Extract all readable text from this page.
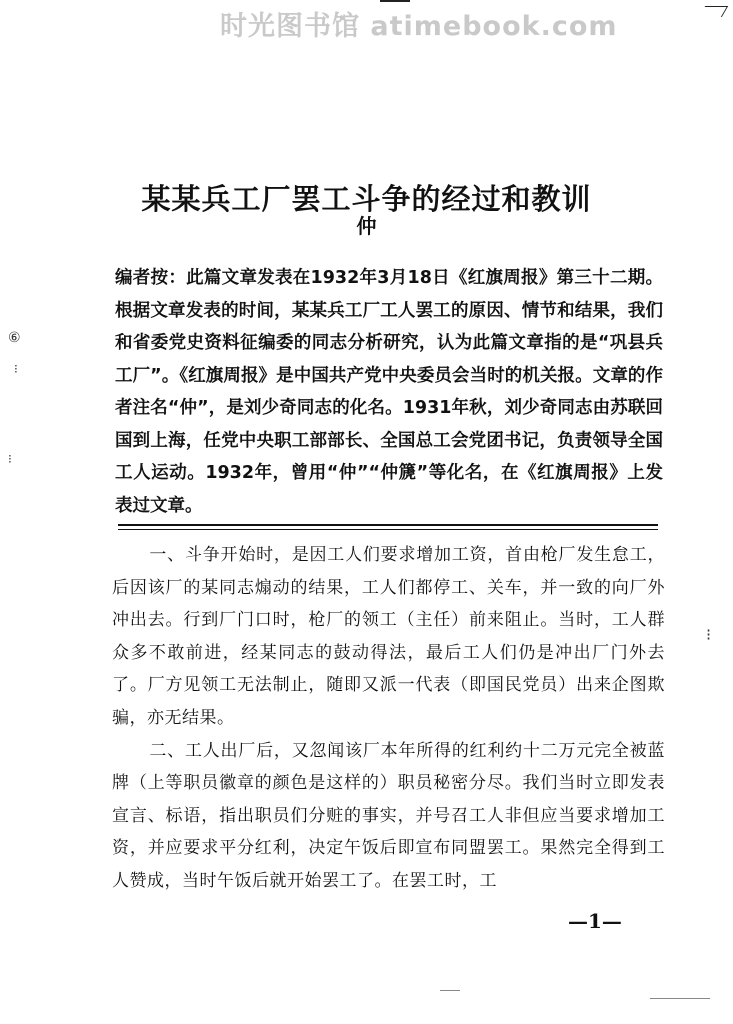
时光图书馆 atimebook.com
⑥
⁝
⁝
⁝
某某兵工厂罢工斗争的经过和教训
仲

编者按：此篇文章发表在1932年3月18日《红旗周报》第三十二期。根据文章发表的时间，某某兵工厂工人罢工的原因、情节和结果，我们和省委党史资料征编委的同志分析研究，认为此篇文章指的是“巩县兵工厂”。《红旗周报》是中国共产党中央委员会当时的机关报。文章的作者注名“仲”，是刘少奇同志的化名。1931年秋，刘少奇同志由苏联回国到上海，任党中央职工部部长、全国总工会党团书记，负责领导全国工人运动。1932年，曾用“仲”“仲篪”等化名，在《红旗周报》上发表过文章。

一、斗争开始时，是因工人们要求增加工资，首由枪厂发生怠工，后因该厂的某同志煽动的结果，工人们都停工、关车，并一致的向厂外冲出去。行到厂门口时，枪厂的领工（主任）前来阻止。当时，工人群众多不敢前进，经某同志的鼓动得法，最后工人们仍是冲出厂门外去了。厂方见领工无法制止，随即又派一代表（即国民党员）出来企图欺骗，亦无结果。

二、工人出厂后，又忽闻该厂本年所得的红利约十二万元完全被蓝牌（上等职员徽章的颜色是这样的）职员秘密分尽。我们当时立即发表宣言、标语，指出职员们分赃的事实，并号召工人非但应当要求增加工资，并应要求平分红利，决定午饭后即宣布同盟罢工。果然完全得到工人赞成，当时午饭后就开始罢工了。在罢工时，工

—1—
